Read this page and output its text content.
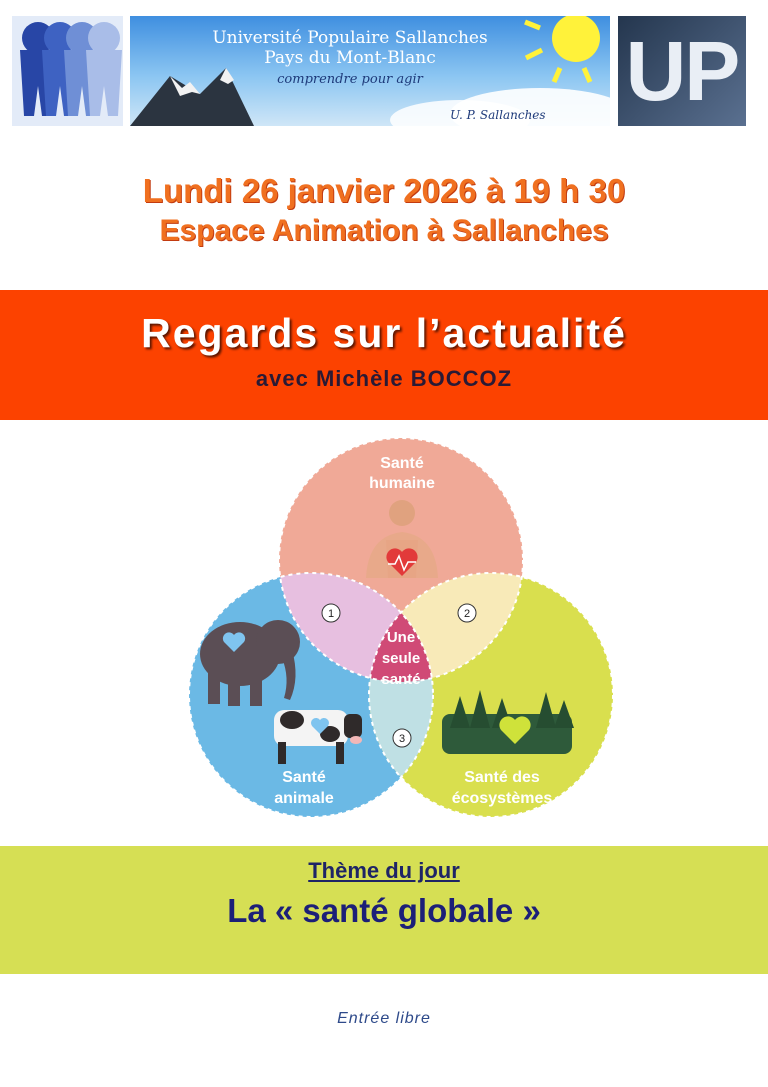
Université Populaire Sallanches
Pays du Mont-Blanc
comprendre pour agir
U. P. Sallanches UP
Lundi 26 janvier 2026 à 19 h 30
Espace Animation à Sallanches
Regards sur l’actualité
avec Michèle BOCCOZ
Santé
humaine
Santé
animale
Santé des
écosystèmes
Une
seule
santé
1	2
3
Thème du jour
La « santé globale »
Entrée libre
